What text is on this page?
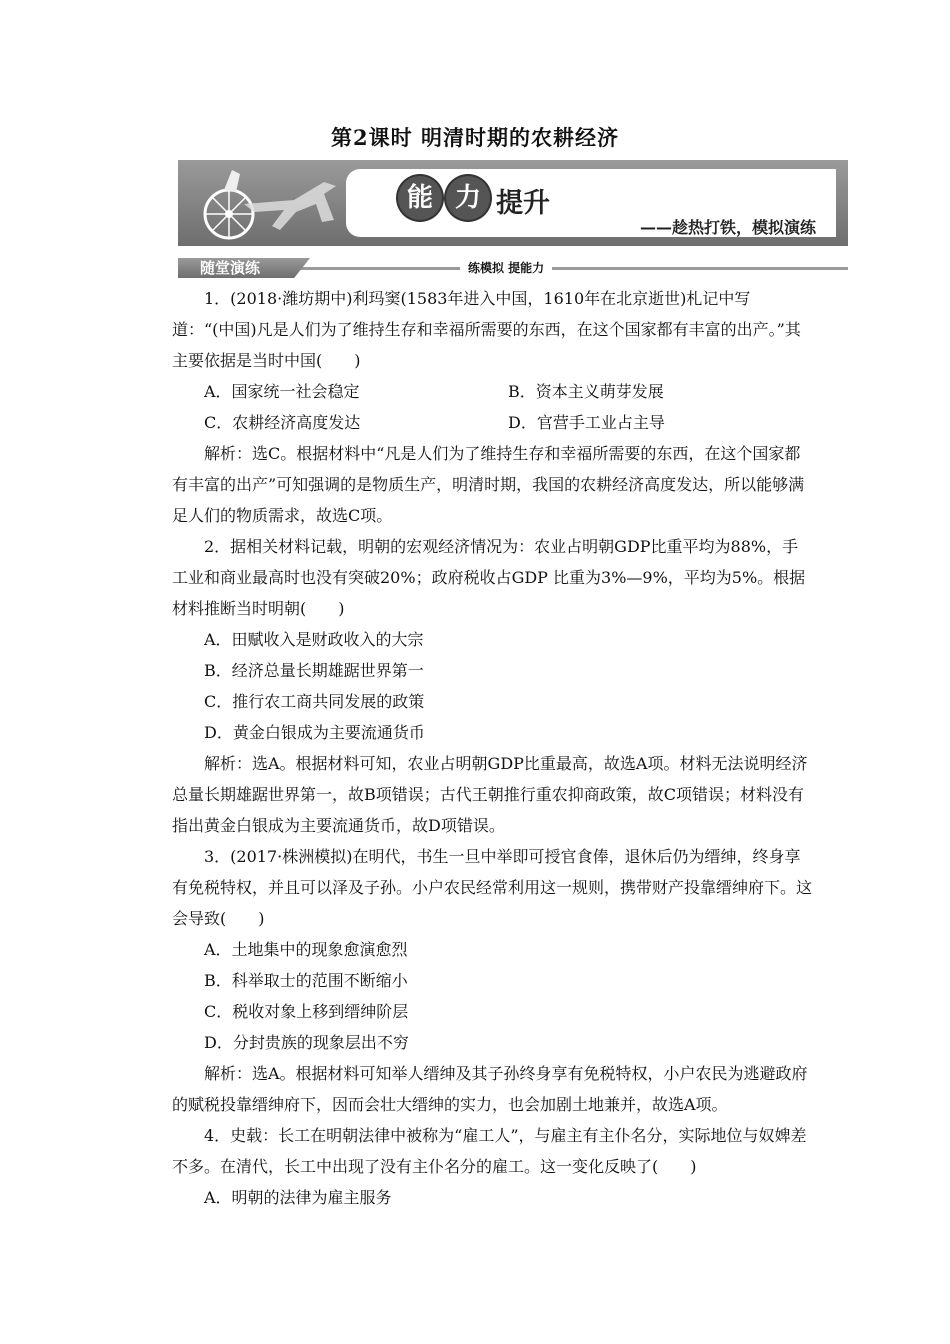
第2课时 明清时期的农耕经济
能 力 提升
——趁热打铁，模拟演练
随堂演练	练模拟 提能力

1．(2018·潍坊期中)利玛窦(1583年进入中国，1610年在北京逝世)札记中写道：“(中国)凡是人们为了维持生存和幸福所需要的东西，在这个国家都有丰富的出产。”其主要依据是当时中国(　　)

A．国家统一社会稳定	B．资本主义萌芽发展
C．农耕经济高度发达	D．官营手工业占主导

解析：选C。根据材料中“凡是人们为了维持生存和幸福所需要的东西，在这个国家都有丰富的出产”可知强调的是物质生产，明清时期，我国的农耕经济高度发达，所以能够满足人们的物质需求，故选C项。

2．据相关材料记载，明朝的宏观经济情况为：农业占明朝GDP比重平均为88%，手工业和商业最高时也没有突破20%；政府税收占GDP 比重为3%—9%，平均为5%。根据材料推断当时明朝(　　)

A．田赋收入是财政收入的大宗

B．经济总量长期雄踞世界第一

C．推行农工商共同发展的政策

D．黄金白银成为主要流通货币

解析：选A。根据材料可知，农业占明朝GDP比重最高，故选A项。材料无法说明经济总量长期雄踞世界第一，故B项错误；古代王朝推行重农抑商政策，故C项错误；材料没有指出黄金白银成为主要流通货币，故D项错误。

3．(2017·株洲模拟)在明代，书生一旦中举即可授官食俸，退休后仍为缙绅，终身享有免税特权，并且可以泽及子孙。小户农民经常利用这一规则，携带财产投靠缙绅府下。这会导致(　　)

A．土地集中的现象愈演愈烈

B．科举取士的范围不断缩小

C．税收对象上移到缙绅阶层

D．分封贵族的现象层出不穷

解析：选A。根据材料可知举人缙绅及其子孙终身享有免税特权，小户农民为逃避政府的赋税投靠缙绅府下，因而会壮大缙绅的实力，也会加剧土地兼并，故选A项。

4．史载：长工在明朝法律中被称为“雇工人”，与雇主有主仆名分，实际地位与奴婢差不多。在清代，长工中出现了没有主仆名分的雇工。这一变化反映了(　　)

A．明朝的法律为雇主服务
